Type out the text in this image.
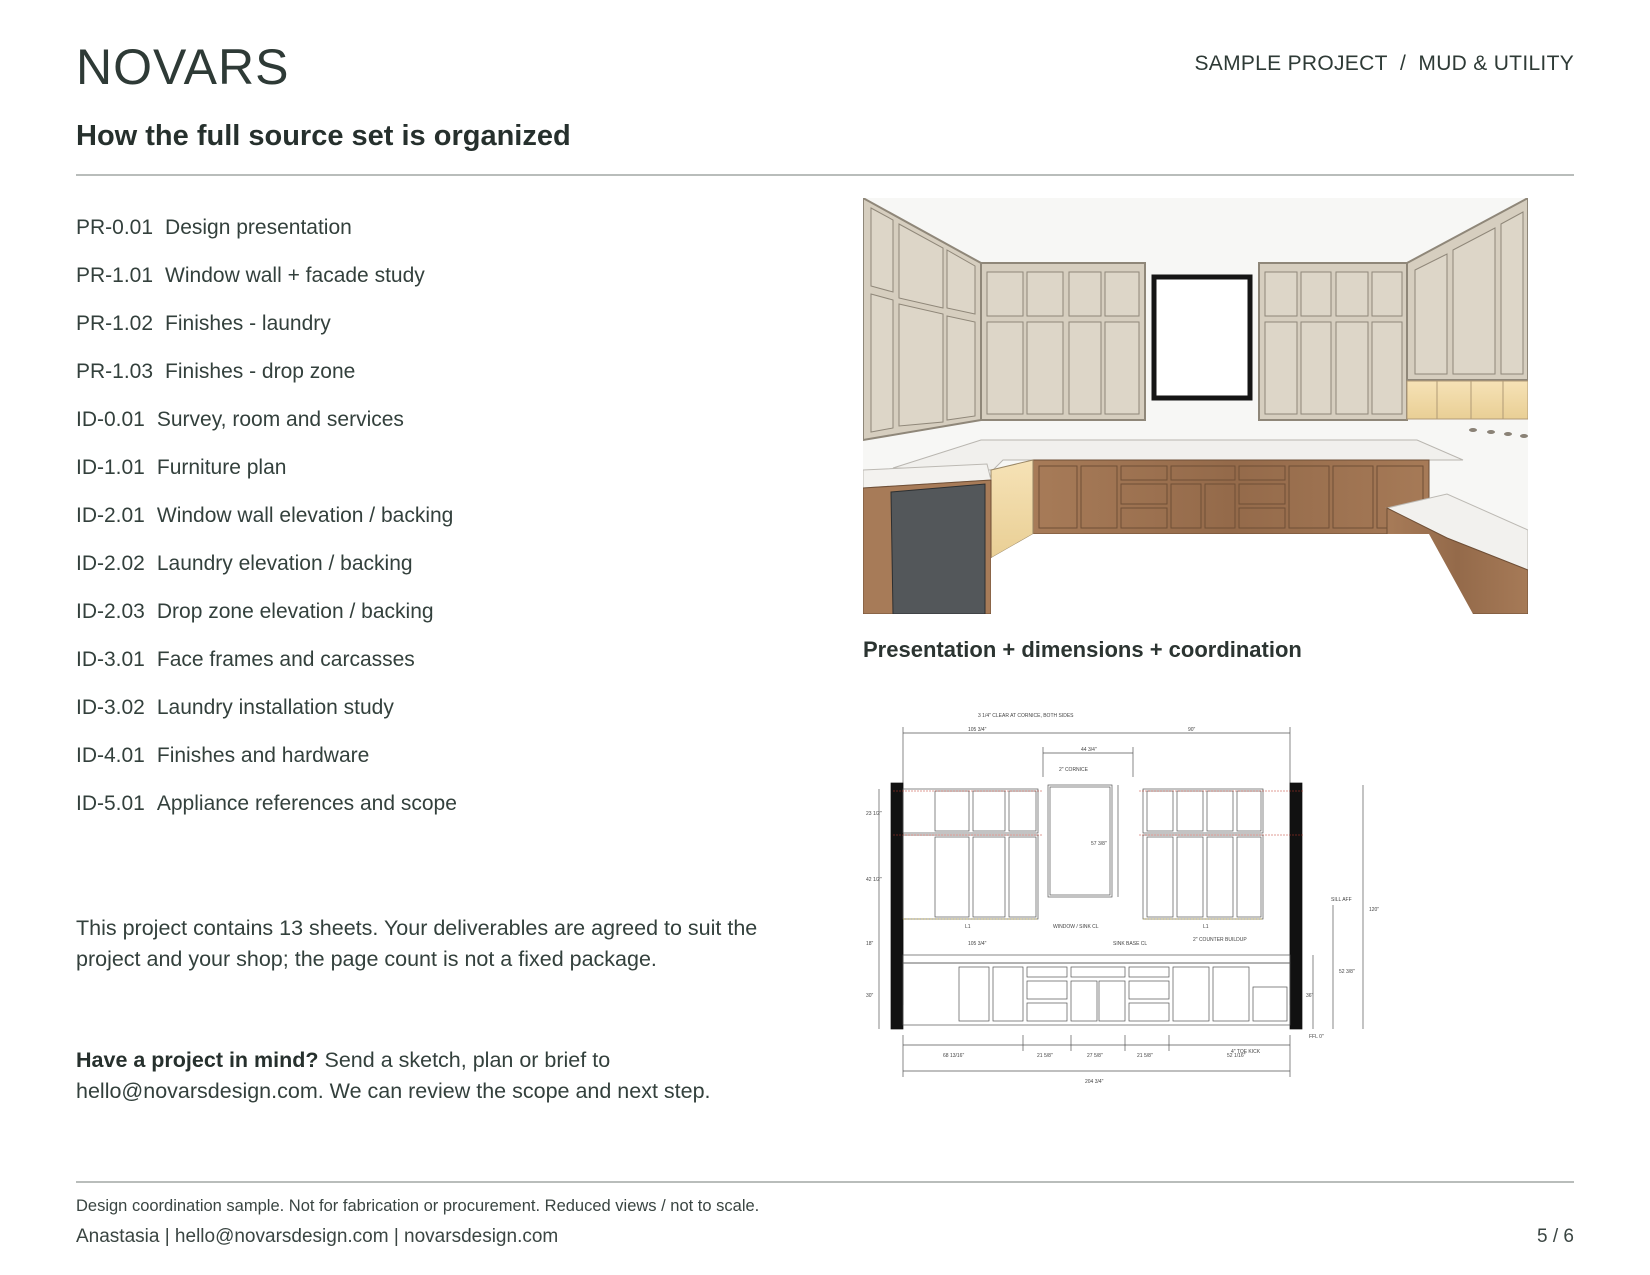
NOVARS	SAMPLE PROJECT / MUD & UTILITY
How the full source set is organized
PR-0.01 Design presentation
PR-1.01 Window wall + facade study
PR-1.02 Finishes - laundry
PR-1.03 Finishes - drop zone
ID-0.01 Survey, room and services
ID-1.01 Furniture plan
ID-2.01 Window wall elevation / backing
ID-2.02 Laundry elevation / backing
ID-2.03 Drop zone elevation / backing
ID-3.01 Face frames and carcasses
ID-3.02 Laundry installation study
ID-4.01 Finishes and hardware
ID-5.01 Appliance references and scope

This project contains 13 sheets. Your deliverables are agreed to suit the project and your shop; the page count is not a fixed package.

Have a project in mind? Send a sketch, plan or brief to hello@novarsdesign.com. We can review the scope and next step.

Presentation + dimensions + coordination
3 1/4" CLEAR AT CORNICE, BOTH SIDES
105 3/4"	90"
44 3/4"
2" CORNICE
23 1/2"
42 1/2"
57 3/8"
SILL AFF
120"
L1	L1
WINDOW / SINK CL
105 3/4"	SINK BASE CL
2" COUNTER BUILDUP
18"
30"	36"
52 3/8"
FFL 0"
4" TOE KICK
68 13/16"	21 5/8"	27 5/8"	21 5/8"	52 1/16"
204 3/4"
Design coordination sample. Not for fabrication or procurement. Reduced views / not to scale.
Anastasia | hello@novarsdesign.com | novarsdesign.com	5 / 6
